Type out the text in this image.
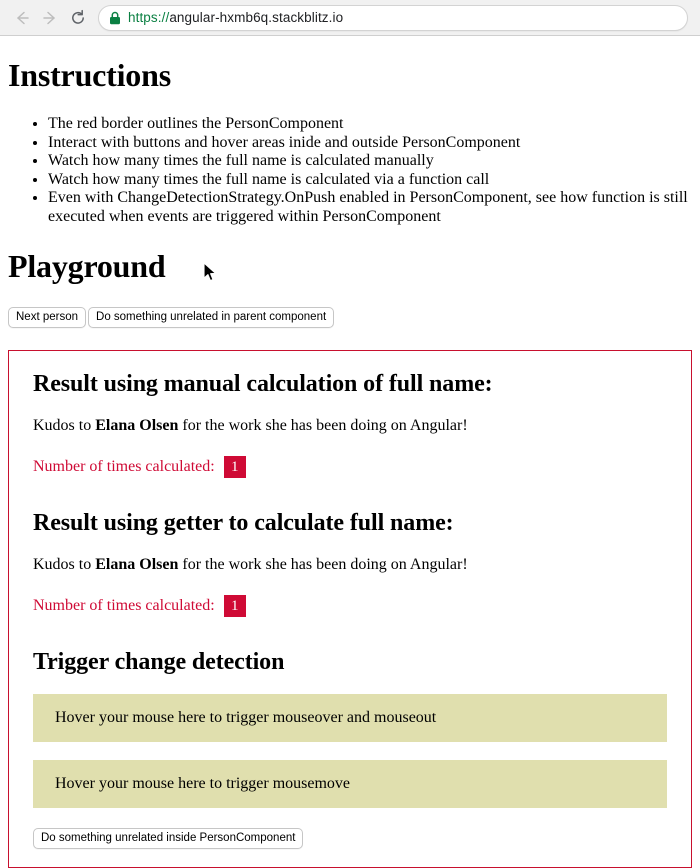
https://angular-hxmb6q.stackblitz.io
Instructions
• The red border outlines the PersonComponent
• Interact with buttons and hover areas inide and outside PersonComponent
• Watch how many times the full name is calculated manually
• Watch how many times the full name is calculated via a function call
• Even with ChangeDetectionStrategy.OnPush enabled in PersonComponent, see how function is still executed when events are triggered within PersonComponent
Playground
Next person	Do something unrelated in parent component
Result using manual calculation of full name:

Kudos to Elana Olsen for the work she has been doing on Angular!

Number of times calculated:	1
Result using getter to calculate full name:

Kudos to Elana Olsen for the work she has been doing on Angular!

Number of times calculated:	1
Trigger change detection
Hover your mouse here to trigger mouseover and mouseout
Hover your mouse here to trigger mousemove
Do something unrelated inside PersonComponent
